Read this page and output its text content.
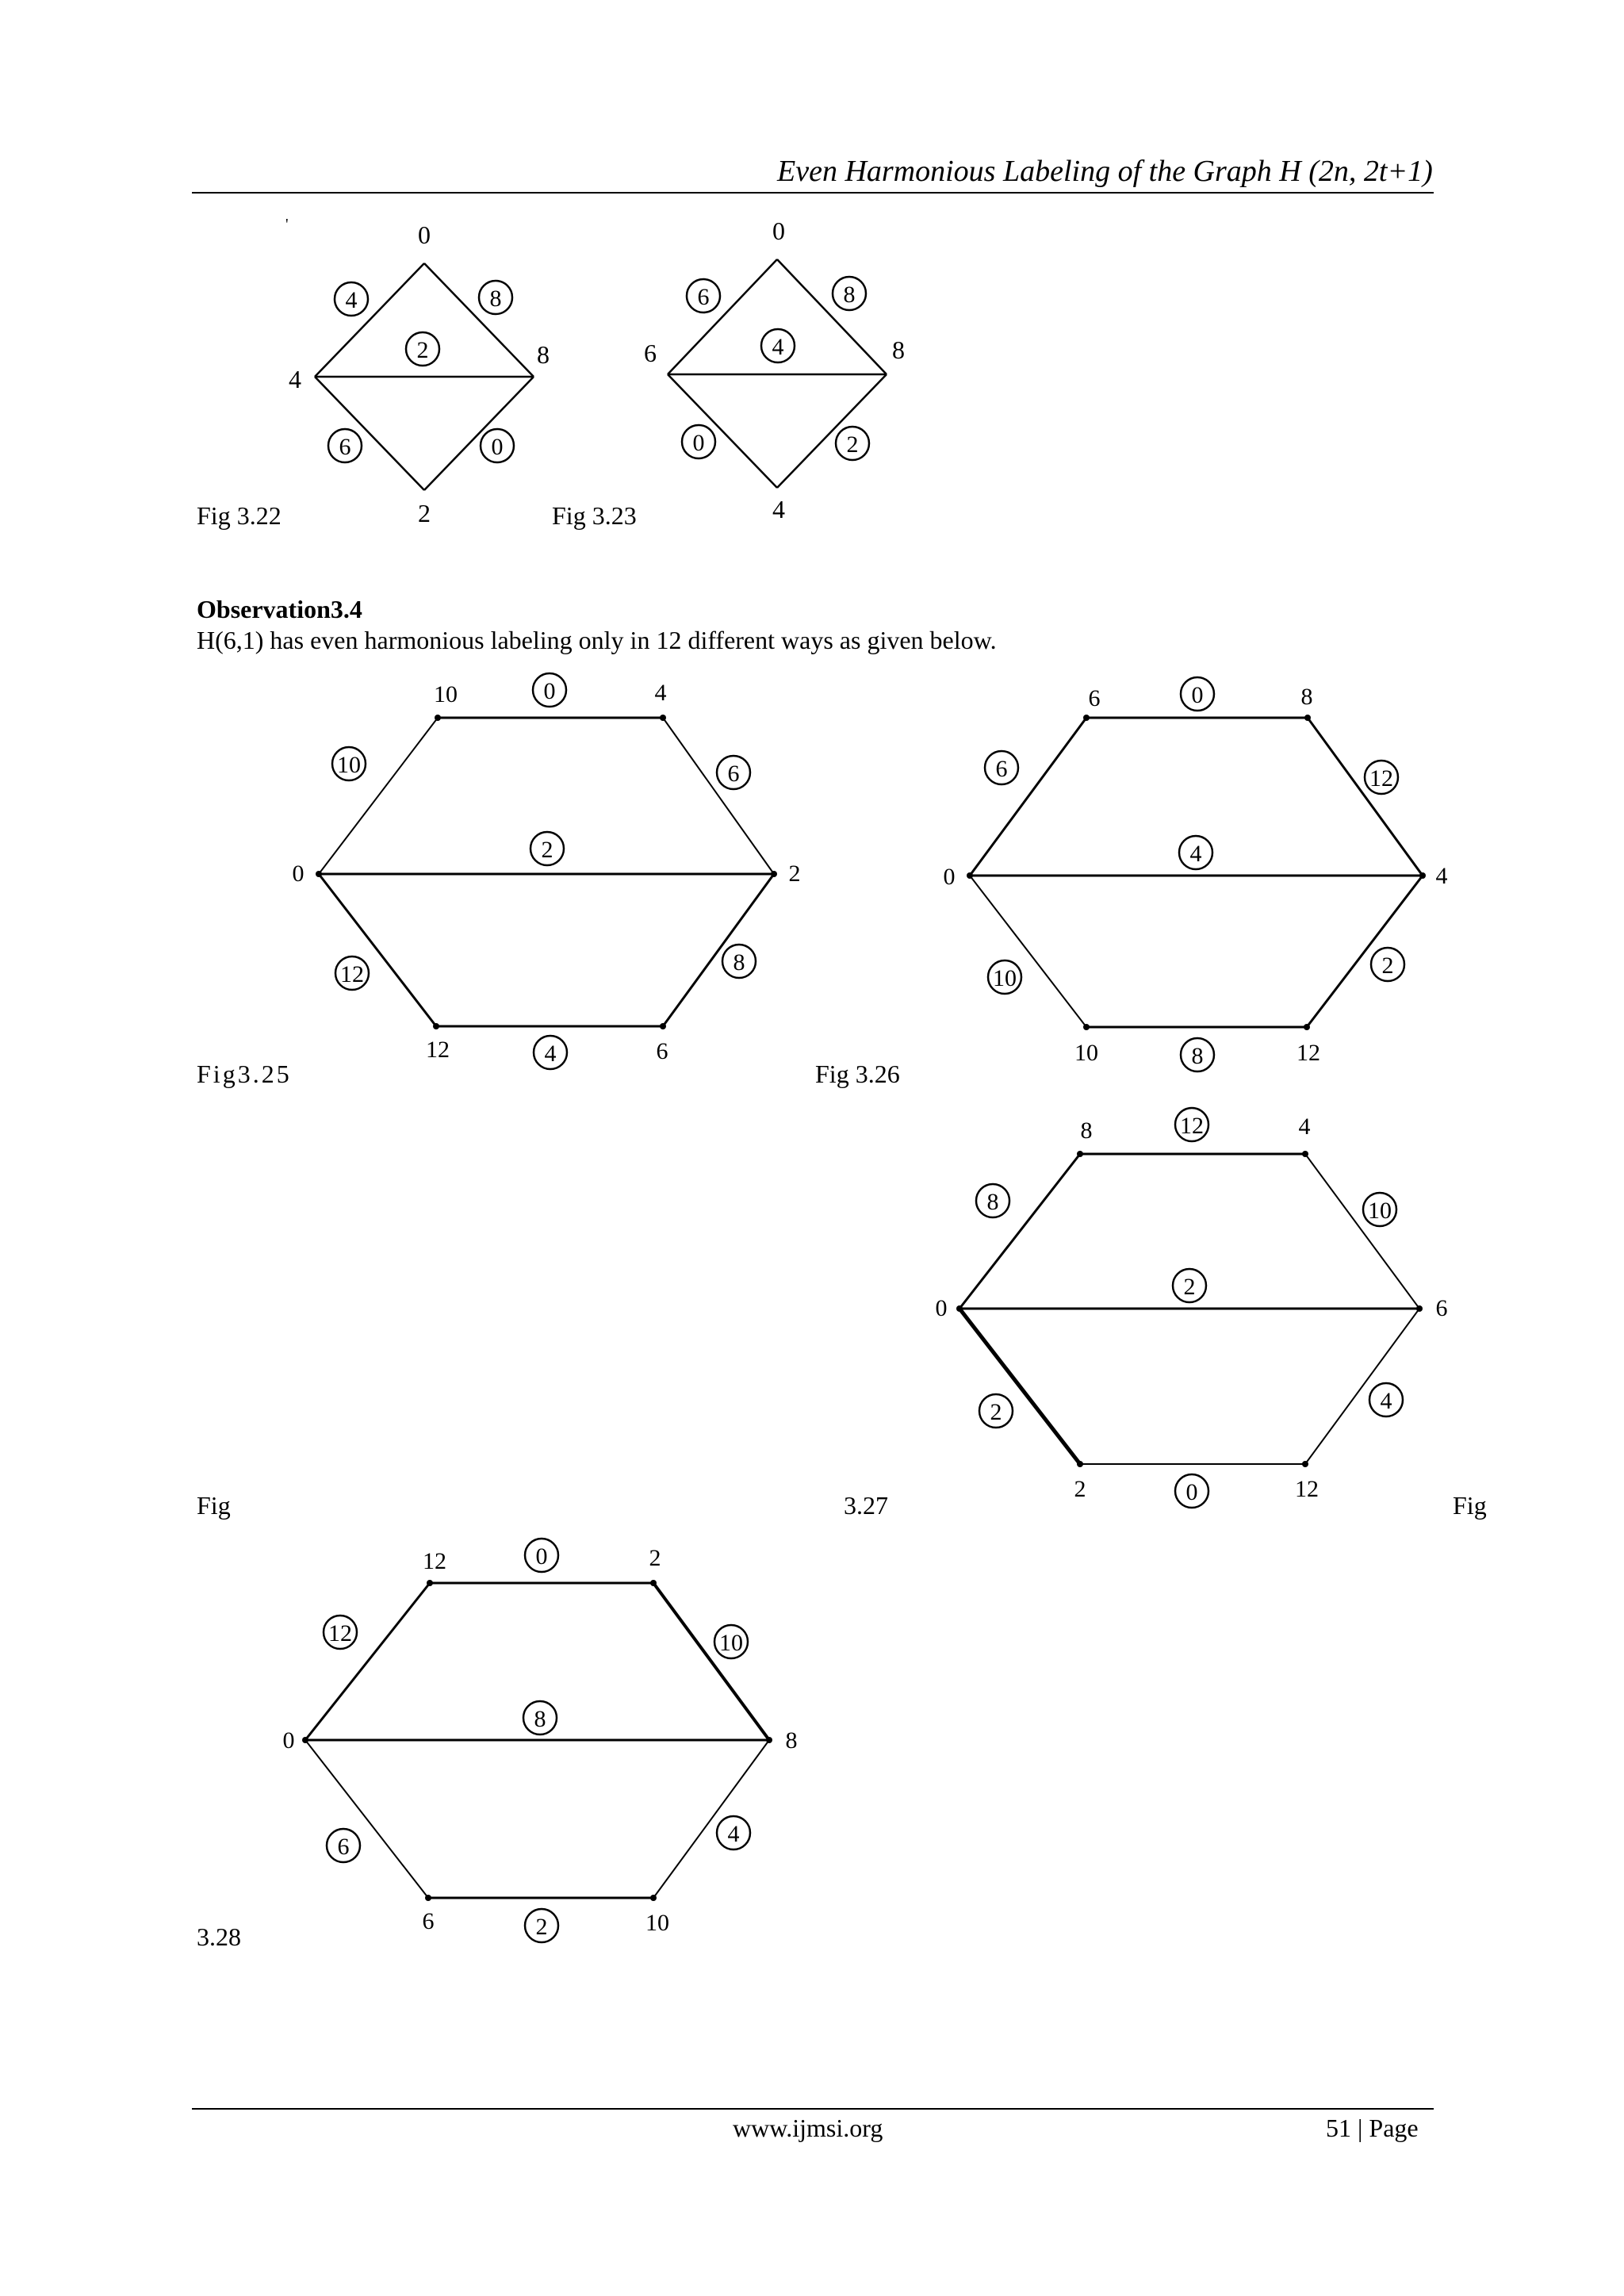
Even Harmonious Labeling of the Graph H (2n, 2t+1)
'	0
4
8
2
4	8
2
6	0
0
6	8
4
6	8
4
0	2
Fig 3.22	Fig 3.23
Observation3.4
H(6,1) has even harmonious labeling only in 12 different ways as given below.
10	4
0	2
12	6
0
10	6
2
12	8
4
6	8
0	4
10	12
0
6	12
4
10	2
8
Fig3.25	Fig 3.26
8	4
0	6
2	12
12
8	10
2
2	4
0
Fig	3.27	Fig
12	2
0	8
6	10
0
12	10
8
6	4
2
3.28
www.ijmsi.org	51 | Page
